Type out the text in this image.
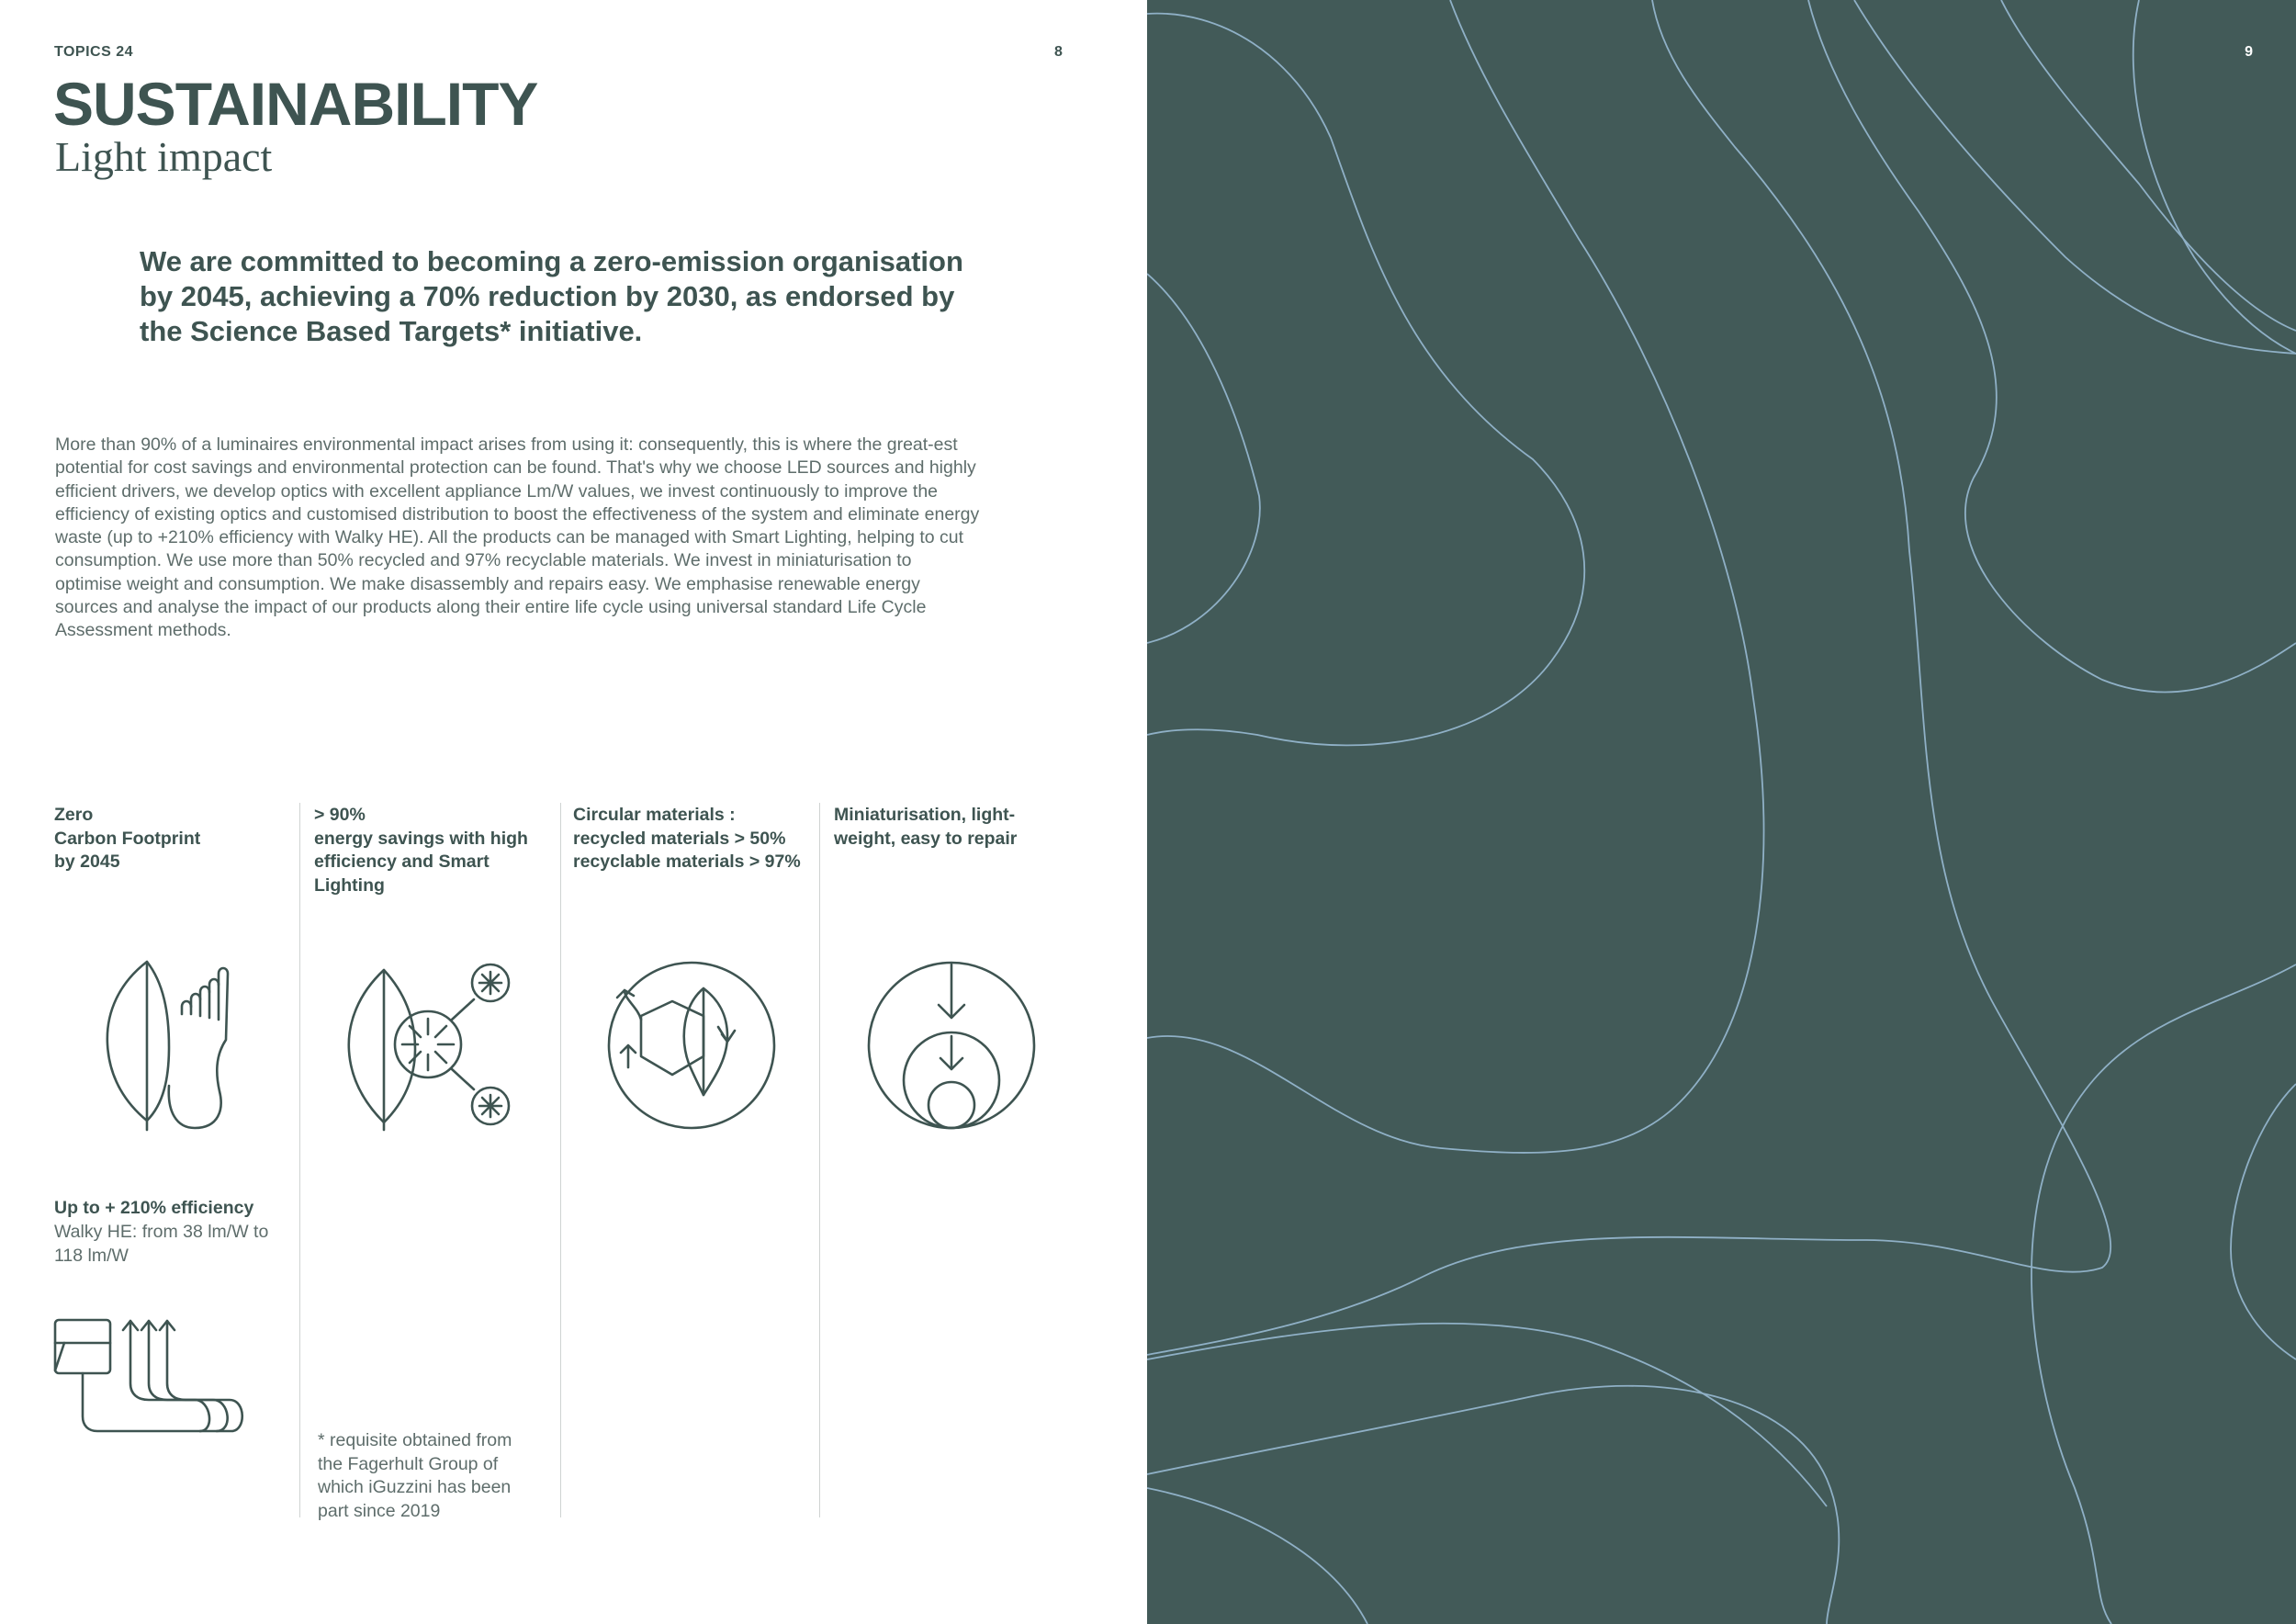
TOPICS 24	8
SUSTAINABILITY
Light impact

We are committed to becoming a zero-emission organisation by 2045, achieving a 70% reduction by 2030, as endorsed by the Science Based Targets* initiative.

More than 90% of a luminaires environmental impact arises from using it: consequently, this is where the great-est potential for cost savings and environmental protection can be found. That's why we choose LED sources and highly efficient drivers, we develop optics with excellent appliance Lm/W values, we invest continuously to improve the efficiency of existing optics and customised distribution to boost the effectiveness of the system and eliminate energy waste (up to +210% efficiency with Walky HE). All the products can be managed with Smart Lighting, helping to cut consumption. We use more than 50% recycled and 97% recyclable materials. We invest in miniaturisation to optimise weight and consumption. We make disassembly and repairs easy. We emphasise renewable energy sources and analyse the impact of our products along their entire life cycle using universal standard Life Cycle Assessment methods.

Zero
Carbon Footprint
by 2045

> 90%
energy savings with high efficiency and Smart Lighting

Circular materials :
recycled materials > 50%
recyclable materials > 97%

Miniaturisation, light-
weight, easy to repair

Up to + 210% efficiency

Walky HE: from 38 lm/W to 118 lm/W

* requisite obtained from the Fagerhult Group of which iGuzzini has been part since 2019

9
